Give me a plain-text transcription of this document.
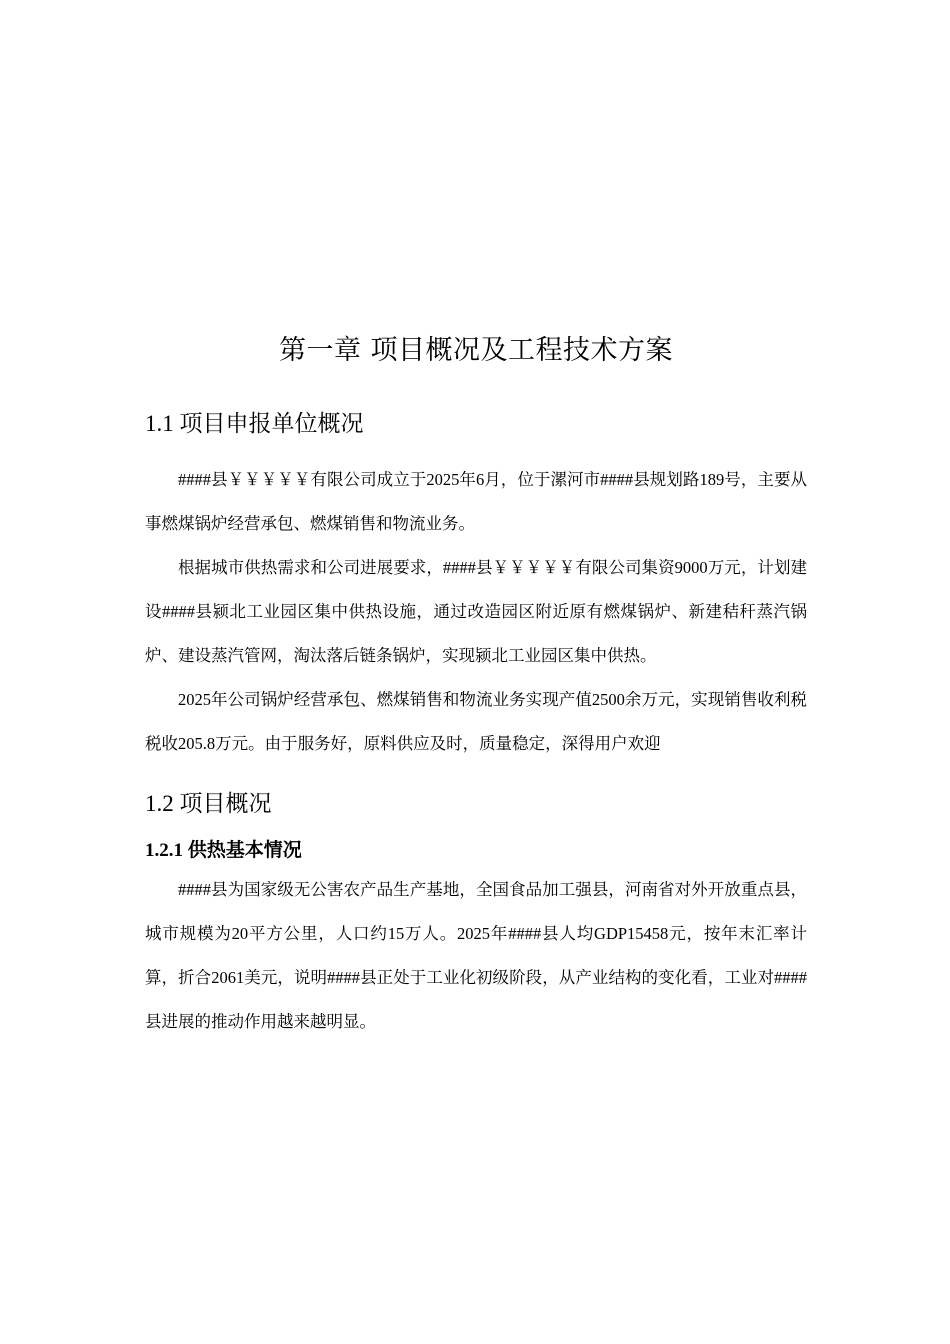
第一章 项目概况及工程技术方案
1.1 项目申报单位概况

####县￥￥￥￥￥有限公司成立于2025年6月，位于漯河市####县规划路189号，主要从事燃煤锅炉经营承包、燃煤销售和物流业务。

根据城市供热需求和公司进展要求，####县￥￥￥￥￥有限公司集资9000万元，计划建设####县颍北工业园区集中供热设施，通过改造园区附近原有燃煤锅炉、新建秸秆蒸汽锅炉、建设蒸汽管网，淘汰落后链条锅炉，实现颍北工业园区集中供热。

2025年公司锅炉经营承包、燃煤销售和物流业务实现产值2500余万元，实现销售收利税税收205.8万元。由于服务好，原料供应及时，质量稳定，深得用户欢迎

1.2 项目概况
1.2.1 供热基本情况

####县为国家级无公害农产品生产基地，全国食品加工强县，河南省对外开放重点县，城市规模为20平方公里，人口约15万人。2025年####县人均GDP15458元，按年末汇率计算，折合2061美元，说明####县正处于工业化初级阶段，从产业结构的变化看，工业对####县进展的推动作用越来越明显。
